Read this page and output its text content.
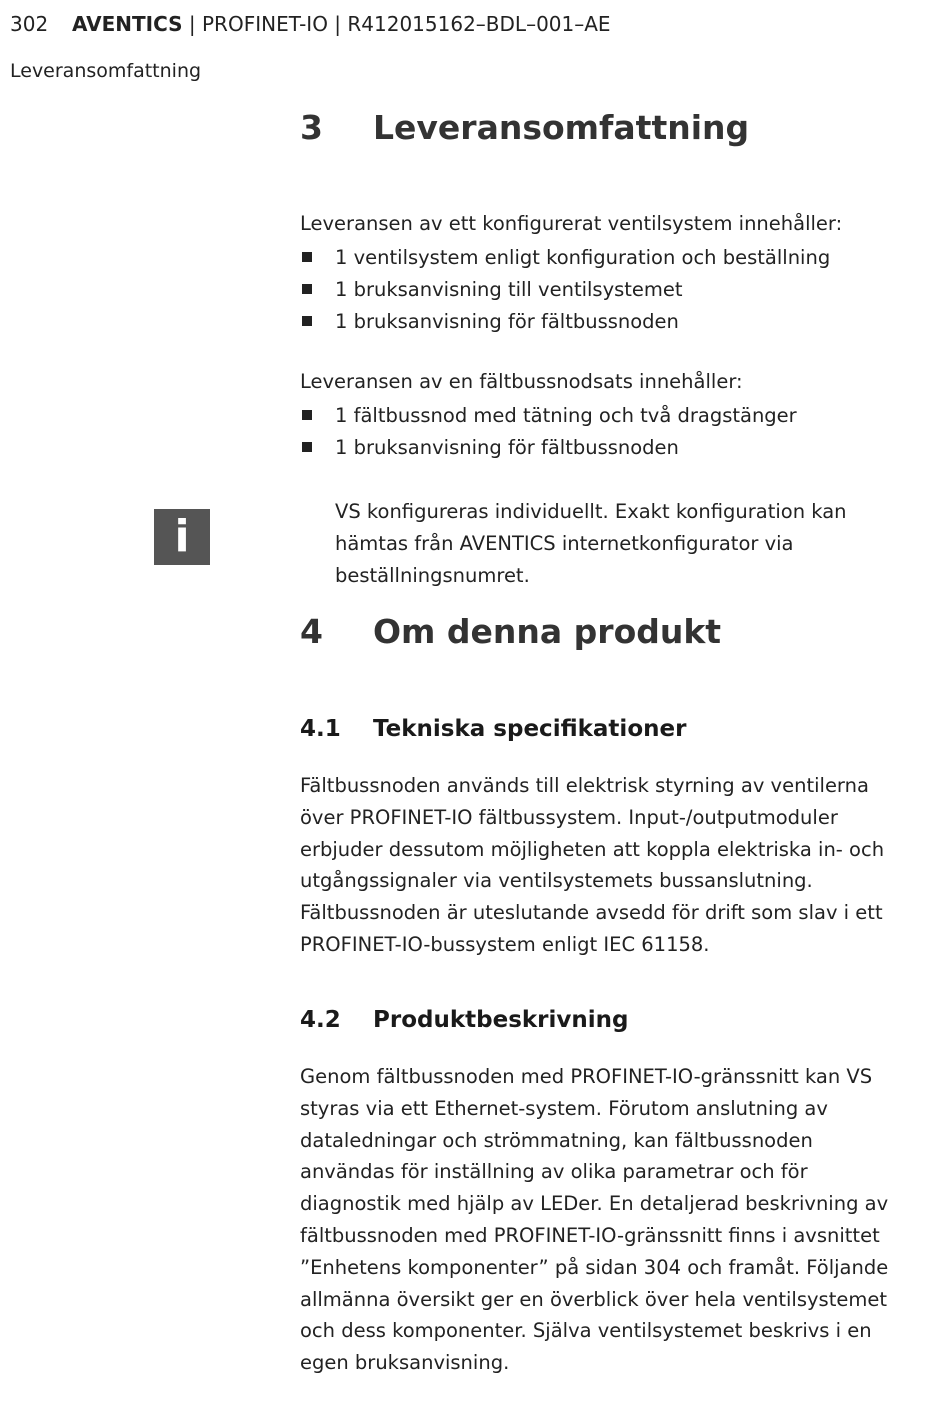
302 AVENTICS | PROFINET-IO | R412015162–BDL–001–AE
Leveransomfattning
3 Leveransomfattning
Leveransen av ett konfigurerat ventilsystem innehåller:
1 ventilsystem enligt konfiguration och beställning
1 bruksanvisning till ventilsystemet
1 bruksanvisning för fältbussnoden
Leveransen av en fältbussnodsats innehåller:
1 fältbussnod med tätning och två dragstänger
1 bruksanvisning för fältbussnoden
i	VS konfigureras individuellt. Exakt konfiguration kan hämtas från AVENTICS internetkonfigurator via beställningsnumret.
4 Om denna produkt
4.1 Tekniska specifikationer
Fältbussnoden används till elektrisk styrning av ventilerna över PROFINET-IO fältbussystem. Input-/outputmoduler erbjuder dessutom möjligheten att koppla elektriska in- och utgångssignaler via ventilsystemets bussanslutning. Fältbussnoden är uteslutande avsedd för drift som slav i ett PROFINET-IO-bussystem enligt IEC 61158.
4.2 Produktbeskrivning
Genom fältbussnoden med PROFINET-IO-gränssnitt kan VS styras via ett Ethernet-system. Förutom anslutning av dataledningar och strömmatning, kan fältbussnoden användas för inställning av olika parametrar och för diagnostik med hjälp av LEDer. En detaljerad beskrivning av fältbussnoden med PROFINET-IO-gränssnitt finns i avsnittet ”Enhetens komponenter” på sidan 304 och framåt. Följande allmänna översikt ger en överblick över hela ventilsystemet och dess komponenter. Själva ventilsystemet beskrivs i en egen bruksanvisning.
